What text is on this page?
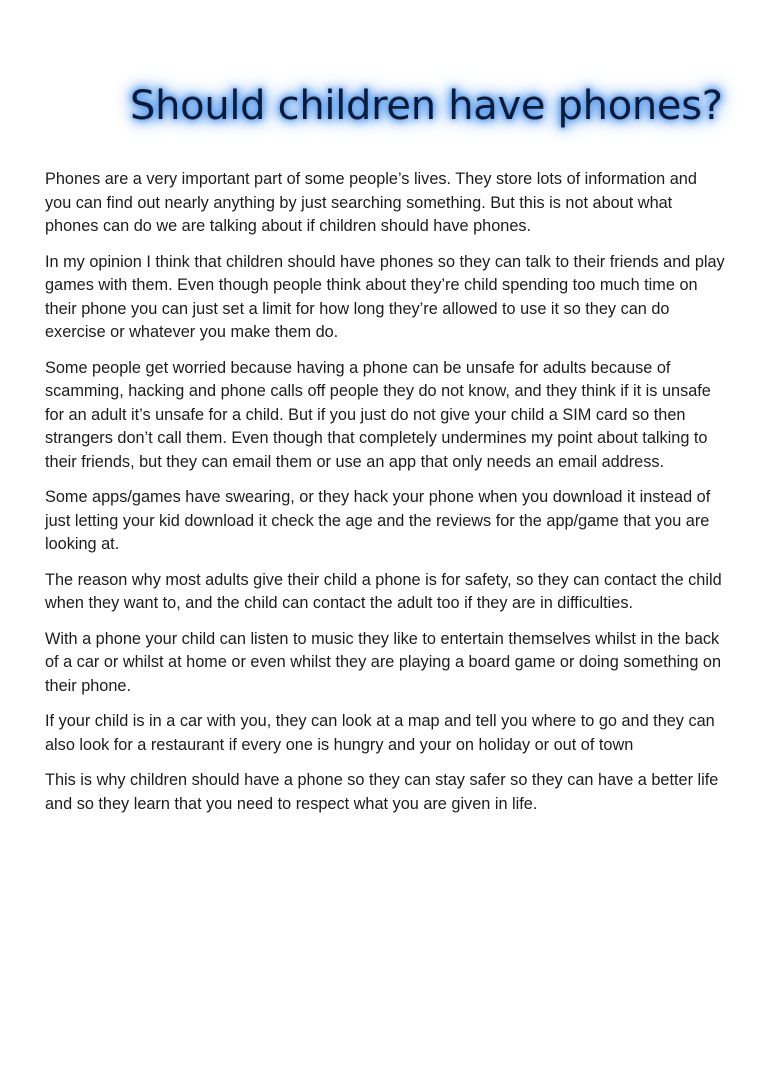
Should children have phones?

Phones are a very important part of some people’s lives. They store lots of information and you can find out nearly anything by just searching something. But this is not about what phones can do we are talking about if children should have phones.

In my opinion I think that children should have phones so they can talk to their friends and play games with them. Even though people think about they’re child spending too much time on their phone you can just set a limit for how long they’re allowed to use it so they can do exercise or whatever you make them do.

Some people get worried because having a phone can be unsafe for adults because of scamming, hacking and phone calls off people they do not know, and they think if it is unsafe for an adult it’s unsafe for a child. But if you just do not give your child a SIM card so then strangers don’t call them. Even though that completely undermines my point about talking to their friends, but they can email them or use an app that only needs an email address.

Some apps/games have swearing, or they hack your phone when you download it instead of just letting your kid download it check the age and the reviews for the app/game that you are looking at.

The reason why most adults give their child a phone is for safety, so they can contact the child when they want to, and the child can contact the adult too if they are in difficulties.

With a phone your child can listen to music they like to entertain themselves whilst in the back of a car or whilst at home or even whilst they are playing a board game or doing something on their phone.

If your child is in a car with you, they can look at a map and tell you where to go and they can also look for a restaurant if every one is hungry and your on holiday or out of town

This is why children should have a phone so they can stay safer so they can have a better life and so they learn that you need to respect what you are given in life.
